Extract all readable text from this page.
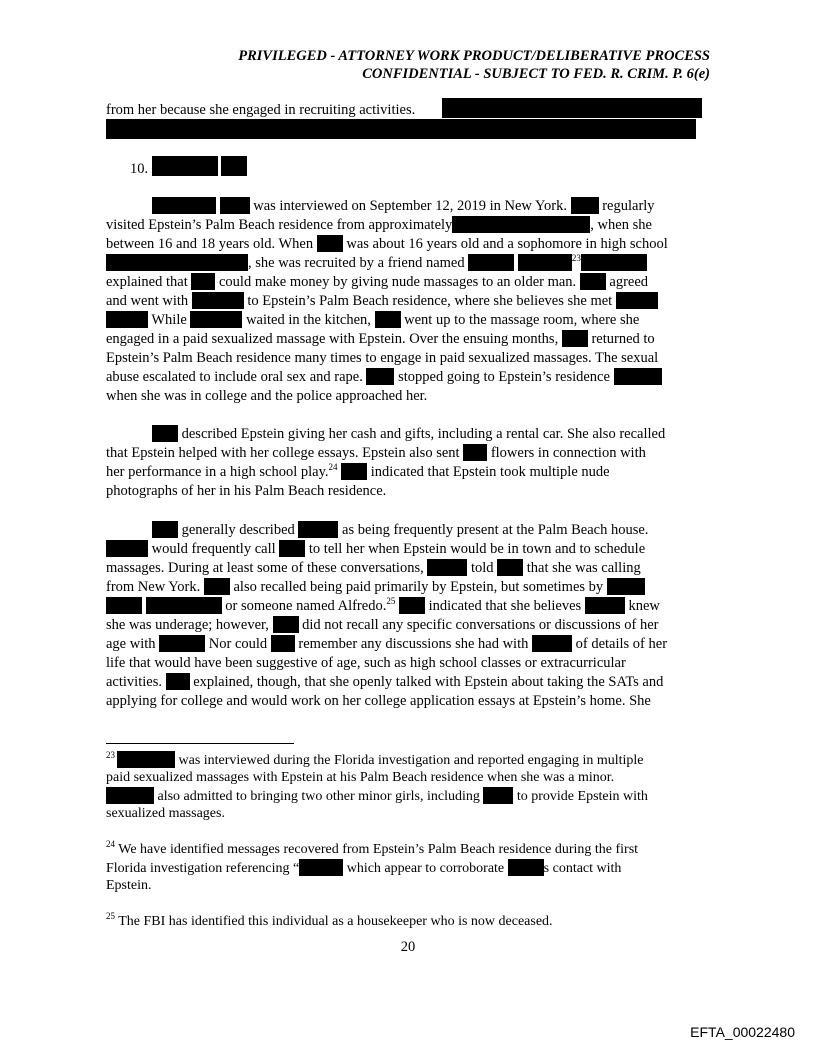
PRIVILEGED - ATTORNEY WORK PRODUCT/DELIBERATIVE PROCESS
CONFIDENTIAL - SUBJECT TO FED. R. CRIM. P. 6(e)
from her because she engaged in recruiting activities.
10.
was interviewed on September 12, 2019 in New York. regularly
visited Epstein’s Palm Beach residence from approximately	, when she
between 16 and 18 years old. When was about 16 years old and a sophomore in high school
, she was recruited by a friend named	$^{23}$
explained that could make money by giving nude massages to an older man. agreed
and went with	to Epstein’s Palm Beach residence, where she believes she met
While	waited in the kitchen, went up to the massage room, where she
engaged in a paid sexualized massage with Epstein. Over the ensuing months, returned to
Epstein’s Palm Beach residence many times to engage in paid sexualized massages. The sexual
abuse escalated to include oral sex and rape. stopped going to Epstein’s residence
when she was in college and the police approached her.
described Epstein giving her cash and gifts, including a rental car. She also recalled
that Epstein helped with her college essays. Epstein also sent flowers in connection with
her performance in a high school play.$^{24}$ indicated that Epstein took multiple nude
photographs of her in his Palm Beach residence.
generally described	as being frequently present at the Palm Beach house.
would frequently call to tell her when Epstein would be in town and to schedule
massages. During at least some of these conversations,	told that she was calling
from New York. also recalled being paid primarily by Epstein, but sometimes by
or someone named Alfredo.$^{25}$ indicated that she believes	knew
she was underage; however, did not recall any specific conversations or discussions of her
age with	Nor could remember any discussions she had with	of details of her
life that would have been suggestive of age, such as high school classes or extracurricular
activities. explained, though, that she openly talked with Epstein about taking the SATs and
applying for college and would work on her college application essays at Epstein’s home. She
$^{23}$	was interviewed during the Florida investigation and reported engaging in multiple
paid sexualized massages with Epstein at his Palm Beach residence when she was a minor.
also admitted to bringing two other minor girls, including	to provide Epstein with
sexualized massages.
$^{24}$ We have identified messages recovered from Epstein’s Palm Beach residence during the first
Florida investigation referencing “	which appear to corroborate	s contact with
Epstein.
$^{25}$ The FBI has identified this individual as a housekeeper who is now deceased.
20
EFTA_00022480
